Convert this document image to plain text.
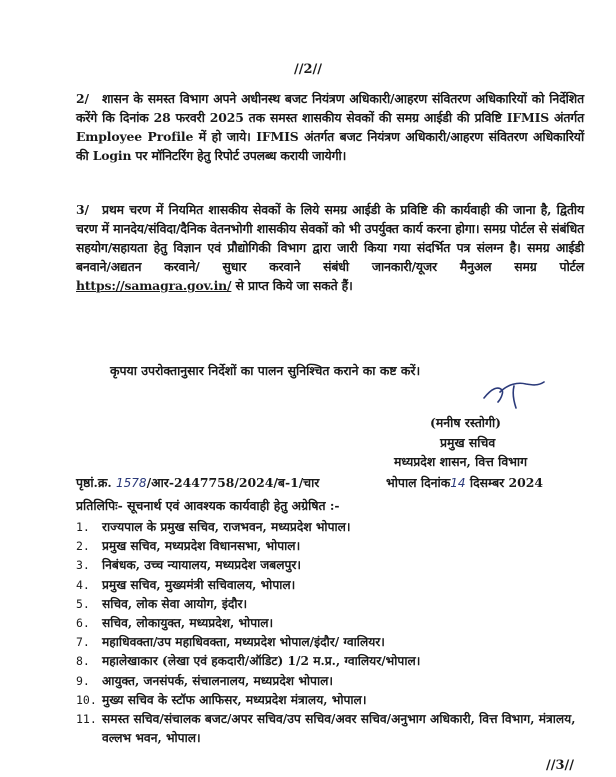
//2//
2/ शासन के समस्त विभाग अपने अधीनस्थ बजट नियंत्रण अधिकारी/आहरण संवितरण अधिकारियों को निर्देशित करेंगे कि दिनांक 28 फरवरी 2025 तक समस्त शासकीय सेवकों की समग्र आईडी की प्रविष्टि IFMIS अंतर्गत Employee Profile में हो जाये। IFMIS अंतर्गत बजट नियंत्रण अधिकारी/आहरण संवितरण अधिकारियों की Login पर मॉनिटरिंग हेतु रिपोर्ट उपलब्ध करायी जायेगी।
3/ प्रथम चरण में नियमित शासकीय सेवकों के लिये समग्र आईडी के प्रविष्टि की कार्यवाही की जाना है, द्वितीय चरण में मानदेय/संविदा/दैनिक वेतनभोगी शासकीय सेवकों को भी उपर्युक्त कार्य करना होगा। समग्र पोर्टल से संबंधित सहयोग/सहायता हेतु विज्ञान एवं प्रौद्योगिकी विभाग द्वारा जारी किया गया संदर्भित पत्र संलग्न है। समग्र आईडी बनवाने/अद्यतन करवाने/ सुधार करवाने संबंधी जानकारी/यूजर मैनुअल समग्र पोर्टल https://samagra.gov.in/ से प्राप्त किये जा सकते हैं।
कृपया उपरोक्तानुसार निर्देशों का पालन सुनिश्चित कराने का कष्ट करें।
(मनीष रस्तोगी)
प्रमुख सचिव
मध्यप्रदेश शासन, वित्त विभाग
पृष्ठां.क्र. 1578/आर-2447758/2024/ब-1/चार	भोपाल दिनांक14 दिसम्बर 2024
प्रतिलिपिः- सूचनार्थ एवं आवश्यक कार्यवाही हेतु अग्रेषित :-
1. राज्यपाल के प्रमुख सचिव, राजभवन, मध्यप्रदेश भोपाल।
2. प्रमुख सचिव, मध्यप्रदेश विधानसभा, भोपाल।
3. निबंधक, उच्च न्यायालय, मध्यप्रदेश जबलपुर।
4. प्रमुख सचिव, मुख्यमंत्री सचिवालय, भोपाल।
5. सचिव, लोक सेवा आयोग, इंदौर।
6. सचिव, लोकायुक्त, मध्यप्रदेश, भोपाल।
7. महाधिवक्ता/उप महाधिवक्ता, मध्यप्रदेश भोपाल/इंदौर/ ग्वालियर।
8. महालेखाकार (लेखा एवं हकदारी/ऑडिट) 1/2 म.प्र., ग्वालियर/भोपाल।
9. आयुक्त, जनसंपर्क, संचालनालय, मध्यप्रदेश भोपाल।
10. मुख्य सचिव के स्टॉफ आफिसर, मध्यप्रदेश मंत्रालय, भोपाल।
11. समस्त सचिव/संचालक बजट/अपर सचिव/उप सचिव/अवर सचिव/अनुभाग अधिकारी, वित्त विभाग, मंत्रालय, वल्लभ भवन, भोपाल।
//3//
